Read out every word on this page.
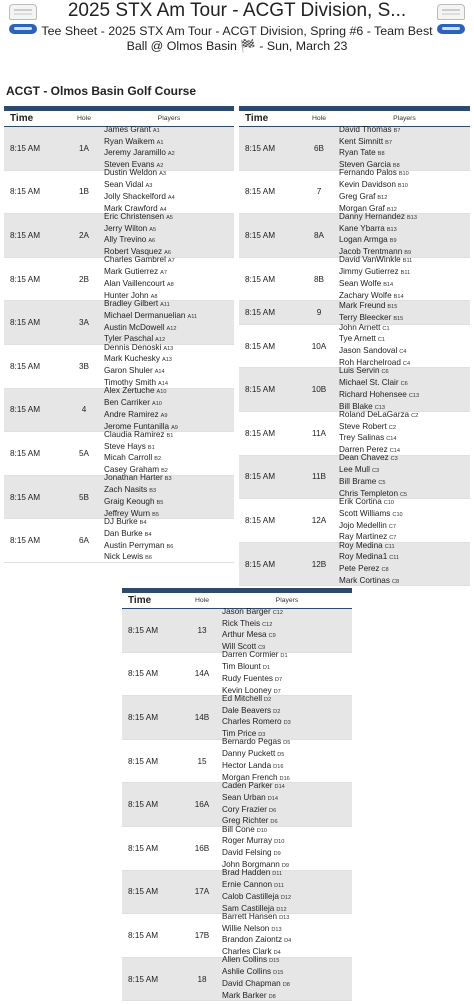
2025 STX Am Tour - ACGT Division, S...
Tee Sheet - 2025 STX Am Tour - ACGT Division, Spring #6 - Team Best Ball @ Olmos Basin 🏁 - Sun, March 23
ACGT - Olmos Basin Golf Course
Time	Hole	Players
8:15 AM	1A
James Grant A1
Ryan Waikem A1
Jeremy Jaramillo A2
Steven Evans A2
8:15 AM	1B
Dustin Weldon A3
Sean Vidal A3
Jolly Shackelford A4
Mark Crawford A4
8:15 AM	2A
Eric Christensen A5
Jerry Wilton A5
Ally Trevino A6
Robert Vasquez A6
8:15 AM	2B
Charles Gambrel A7
Mark Gutierrez A7
Alan Vaillencourt A8
Hunter John A8
8:15 AM	3A
Bradley Gilbert A11
Michael Dermanuelian A11
Austin McDowell A12
Tyler Paschal A12
8:15 AM	3B
Dennis Denoski A13
Mark Kuchesky A13
Garon Shuler A14
Timothy Smith A14
8:15 AM	4
Alex Zertuche A10
Ben Carriker A10
Andre Ramirez A9
Jerome Funtanilla A9
8:15 AM	5A
Claudia Ramirez B1
Steve Hays B1
Micah Carroll B2
Casey Graham B2
8:15 AM	5B
Jonathan Harter B3
Zach Nasits B3
Graig Keough B5
Jeffrey Wurn B5
8:15 AM	6A
DJ Burke B4
Dan Burke B4
Austin Perryman B6
Nick Lewis B6
Time	Hole	Players
8:15 AM	6B
David Thomas B7
Kent Simnitt B7
Ryan Tate B8
Steven Garcia B8
8:15 AM	7
Fernando Palos B10
Kevin Davidson B10
Greg Graf B12
Morgan Graf B12
8:15 AM	8A
Danny Hernandez B13
Kane Ybarra B13
Logan Armga B9
Jacob Trentmann B9
8:15 AM	8B
David VanWinkle B11
Jimmy Gutierrez B11
Sean Wolfe B14
Zachary Wolfe B14
8:15 AM	9
Mark Freund B15
Terry Bleecker B15
8:15 AM	10A
John Arnett C1
Tye Arnett C1
Jason Sandoval C4
Roh Harchelroad C4
8:15 AM	10B
Luis Servin C6
Michael St. Clair C6
Richard Hohensee C13
Bill Blake C13
8:15 AM	11A
Roland DeLaGarza C2
Steve Robert C2
Trey Salinas C14
Darren Perez C14
8:15 AM	11B
Dean Chavez C3
Lee Mull C3
Bill Brame C5
Chris Templeton C5
8:15 AM	12A
Erik Cortina C10
Scott Williams C10
Jojo Medellin C7
Ray Martinez C7
8:15 AM	12B
Roy Medina C11
Roy Medina1 C11
Pete Perez C8
Mark Cortinas C8
Time	Hole	Players
8:15 AM	13
Jason Barger C12
Rick Theis C12
Arthur Mesa C9
Will Scott C9
8:15 AM	14A
Darren Cormier D1
Tim Blount D1
Rudy Fuentes D7
Kevin Looney D7
8:15 AM	14B
Ed Mitchell D2
Dale Beavers D2
Charles Romero D3
Tim Price D3
8:15 AM	15
Bernardo Pegas D5
Danny Puckett D5
Hector Landa D16
Morgan French D16
8:15 AM	16A
Caden Parker D14
Sean Urban D14
Cory Frazier D6
Greg Richter D6
8:15 AM	16B
Bill Cone D10
Roger Murray D10
David Felsing D9
John Borgmann D9
8:15 AM	17A
Brad Hadden D11
Ernie Cannon D11
Calob Castilleja D12
Sam Castilleja D12
8:15 AM	17B
Barrett Hansen D13
Willie Nelson D13
Brandon Zaiontz D4
Charles Clark D4
8:15 AM	18
Allen Collins D15
Ashlie Collins D15
David Chapman D8
Mark Barker D8
